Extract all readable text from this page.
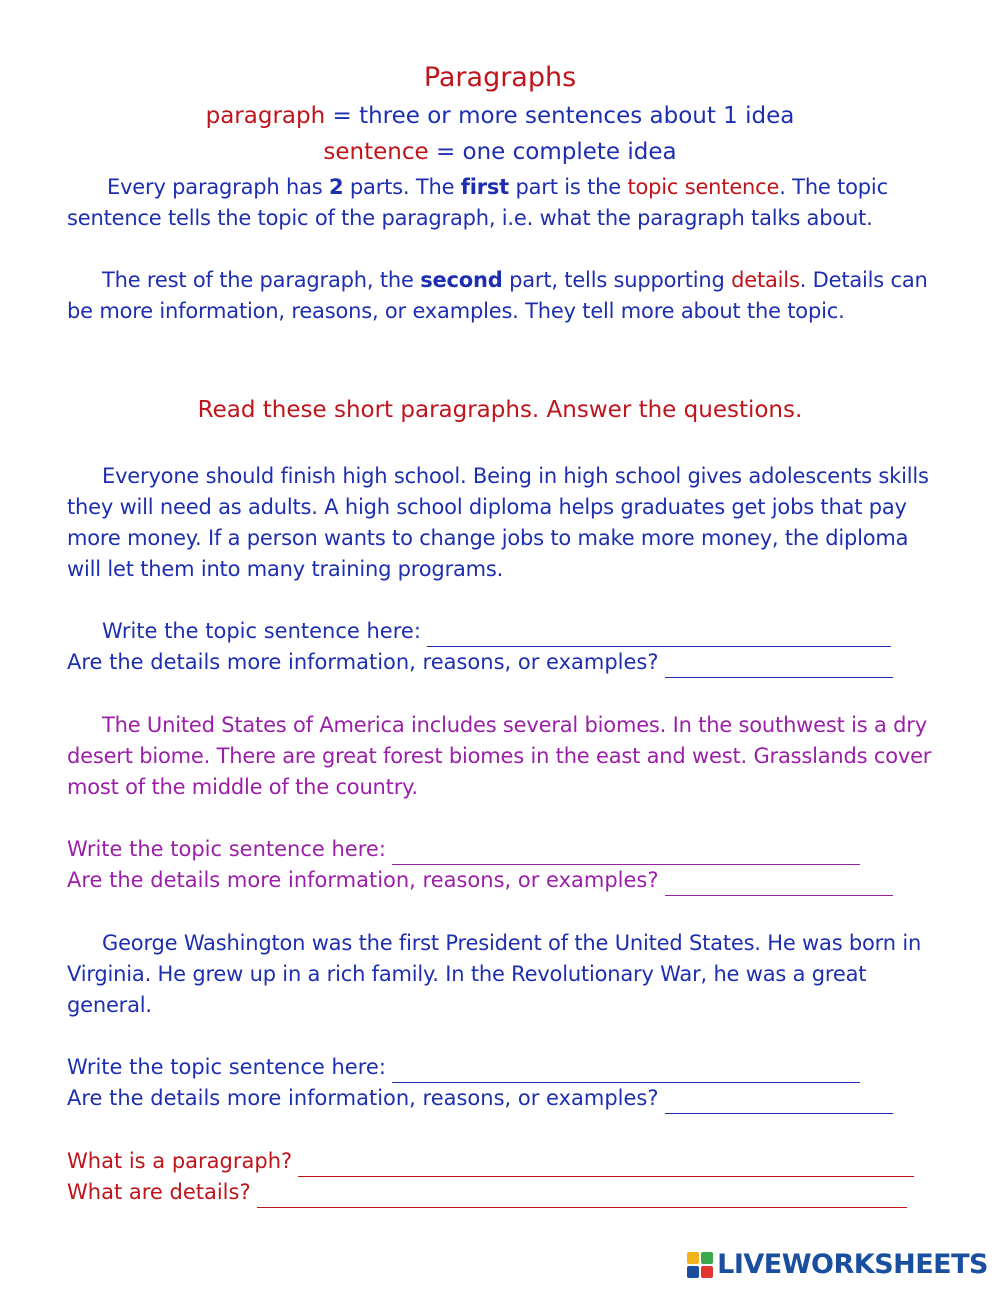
Paragraphs
paragraph = three or more sentences about 1 idea
sentence = one complete idea
Every paragraph has 2 parts. The first part is the topic sentence. The topic sentence tells the topic of the paragraph, i.e. what the paragraph talks about.
The rest of the paragraph, the second part, tells supporting details. Details can be more information, reasons, or examples. They tell more about the topic.
Read these short paragraphs. Answer the questions.
Everyone should finish high school. Being in high school gives adolescents skills they will need as adults. A high school diploma helps graduates get jobs that pay more money. If a person wants to change jobs to make more money, the diploma will let them into many training programs.
Write the topic sentence here:
Are the details more information, reasons, or examples?
The United States of America includes several biomes. In the southwest is a dry desert biome. There are great forest biomes in the east and west. Grasslands cover most of the middle of the country.
Write the topic sentence here:
Are the details more information, reasons, or examples?
George Washington was the first President of the United States. He was born in Virginia. He grew up in a rich family. In the Revolutionary War, he was a great general.
Write the topic sentence here:
Are the details more information, reasons, or examples?
What is a paragraph?
What are details?
LIVEWORKSHEETS
